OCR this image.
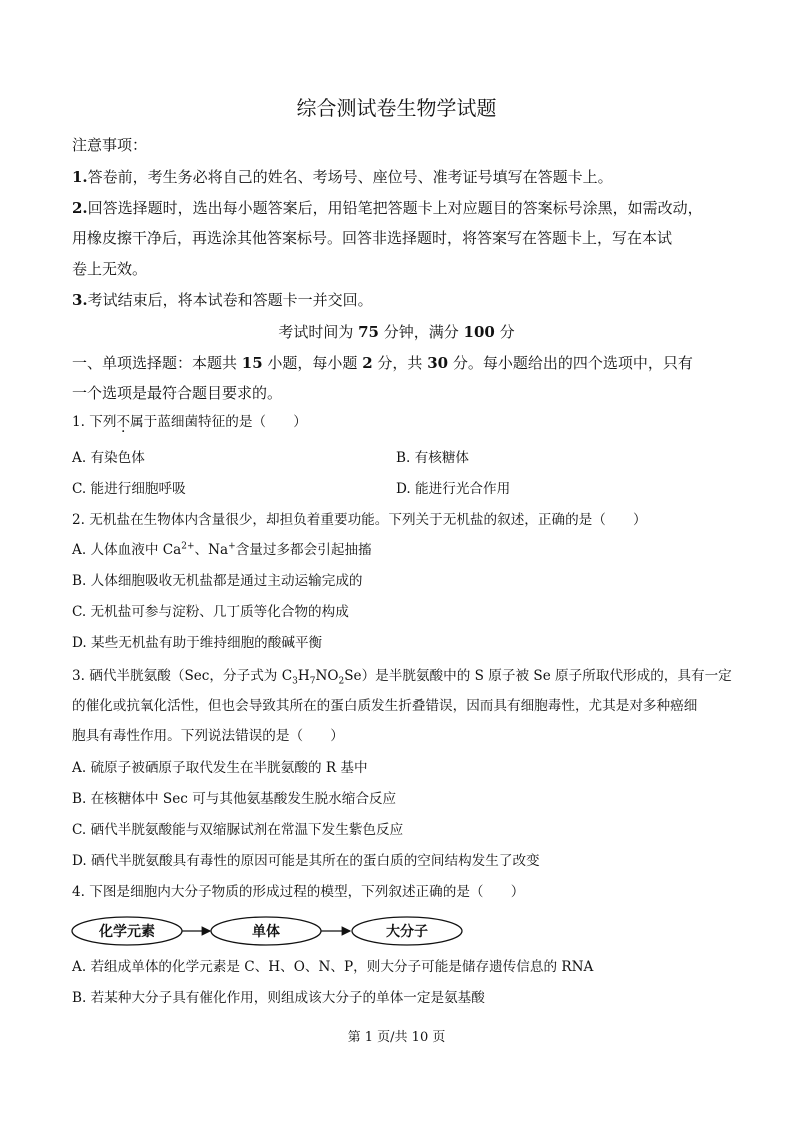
综合测试卷生物学试题
注意事项：
1.答卷前，考生务必将自己的姓名、考场号、座位号、准考证号填写在答题卡上。
2.回答选择题时，选出每小题答案后，用铅笔把答题卡上对应题目的答案标号涂黑，如需改动，
用橡皮擦干净后，再选涂其他答案标号。回答非选择题时，将答案写在答题卡上，写在本试
卷上无效。
3.考试结束后，将本试卷和答题卡一并交回。
考试时间为 75 分钟，满分 100 分
一、单项选择题：本题共 15 小题，每小题 2 分，共 30 分。每小题给出的四个选项中，只有
一个选项是最符合题目要求的。
1. 下列不属于蓝细菌特征的是（　　）
A. 有染色体	B. 有核糖体
C. 能进行细胞呼吸	D. 能进行光合作用
2. 无机盐在生物体内含量很少，却担负着重要功能。下列关于无机盐的叙述，正确的是（　　）
A. 人体血液中 $Ca^{2+}$、Na+含量过多都会引起抽搐
B. 人体细胞吸收无机盐都是通过主动运输完成的
C. 无机盐可参与淀粉、几丁质等化合物的构成
D. 某些无机盐有助于维持细胞的酸碱平衡
3. 硒代半胱氨酸（Sec，分子式为 $C_3H_7NO_2Se$）是半胱氨酸中的 S 原子被 Se 原子所取代形成的，具有一定
的催化或抗氧化活性，但也会导致其所在的蛋白质发生折叠错误，因而具有细胞毒性，尤其是对多种癌细
胞具有毒性作用。下列说法错误的是（　　）
A. 硫原子被硒原子取代发生在半胱氨酸的 R 基中
B. 在核糖体中 Sec 可与其他氨基酸发生脱水缩合反应
C. 硒代半胱氨酸能与双缩脲试剂在常温下发生紫色反应
D. 硒代半胱氨酸具有毒性的原因可能是其所在的蛋白质的空间结构发生了改变
4. 下图是细胞内大分子物质的形成过程的模型，下列叙述正确的是（　　）
化学元素	单体	大分子
A. 若组成单体的化学元素是 C、H、O、N、P，则大分子可能是储存遗传信息的 RNA
B. 若某种大分子具有催化作用，则组成该大分子的单体一定是氨基酸
第 1 页/共 10 页
